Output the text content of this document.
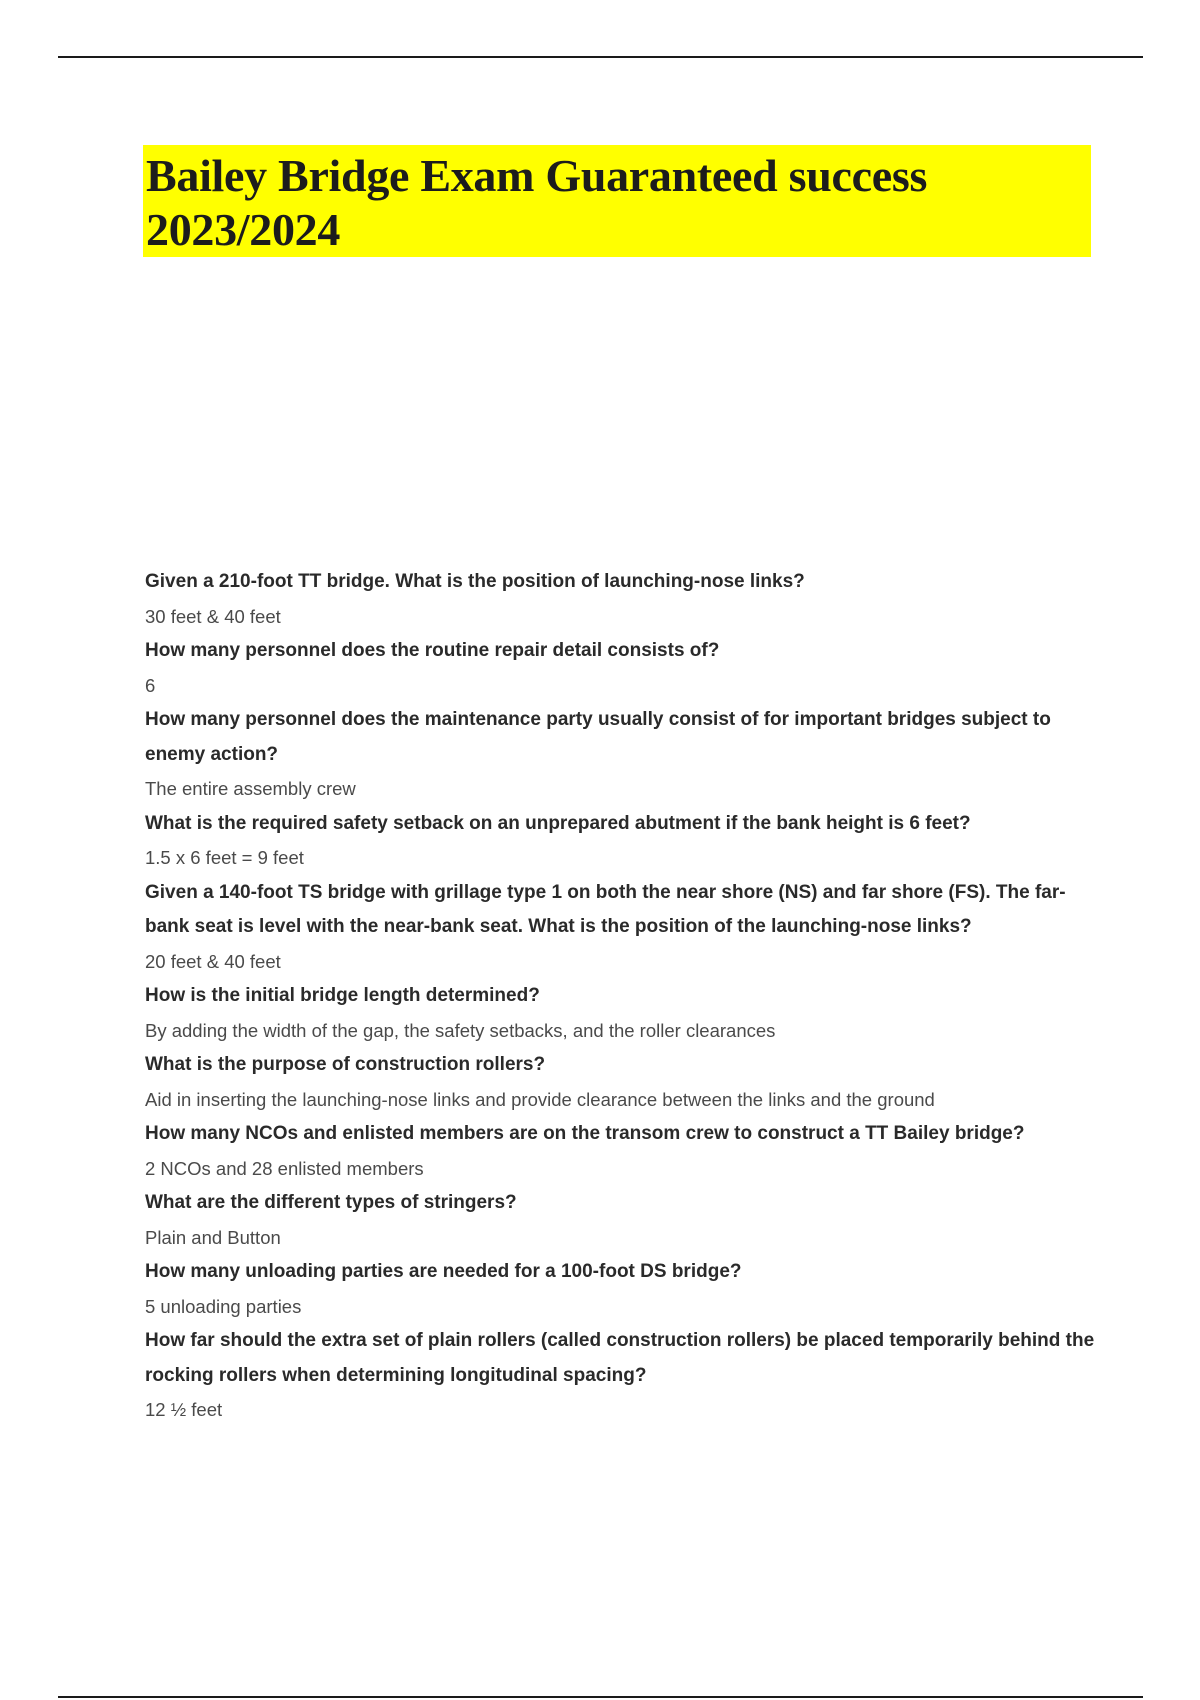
Bailey Bridge Exam Guaranteed success 2023/2024

Given a 210-foot TT bridge. What is the position of launching-nose links?

30 feet & 40 feet

How many personnel does the routine repair detail consists of?

6

How many personnel does the maintenance party usually consist of for important bridges subject to enemy action?

The entire assembly crew

What is the required safety setback on an unprepared abutment if the bank height is 6 feet?

1.5 x 6 feet = 9 feet

Given a 140-foot TS bridge with grillage type 1 on both the near shore (NS) and far shore (FS). The far-bank seat is level with the near-bank seat. What is the position of the launching-nose links?

20 feet & 40 feet

How is the initial bridge length determined?

By adding the width of the gap, the safety setbacks, and the roller clearances

What is the purpose of construction rollers?

Aid in inserting the launching-nose links and provide clearance between the links and the ground

How many NCOs and enlisted members are on the transom crew to construct a TT Bailey bridge?

2 NCOs and 28 enlisted members

What are the different types of stringers?

Plain and Button

How many unloading parties are needed for a 100-foot DS bridge?

5 unloading parties

How far should the extra set of plain rollers (called construction rollers) be placed temporarily behind the rocking rollers when determining longitudinal spacing?

12 ½ feet
